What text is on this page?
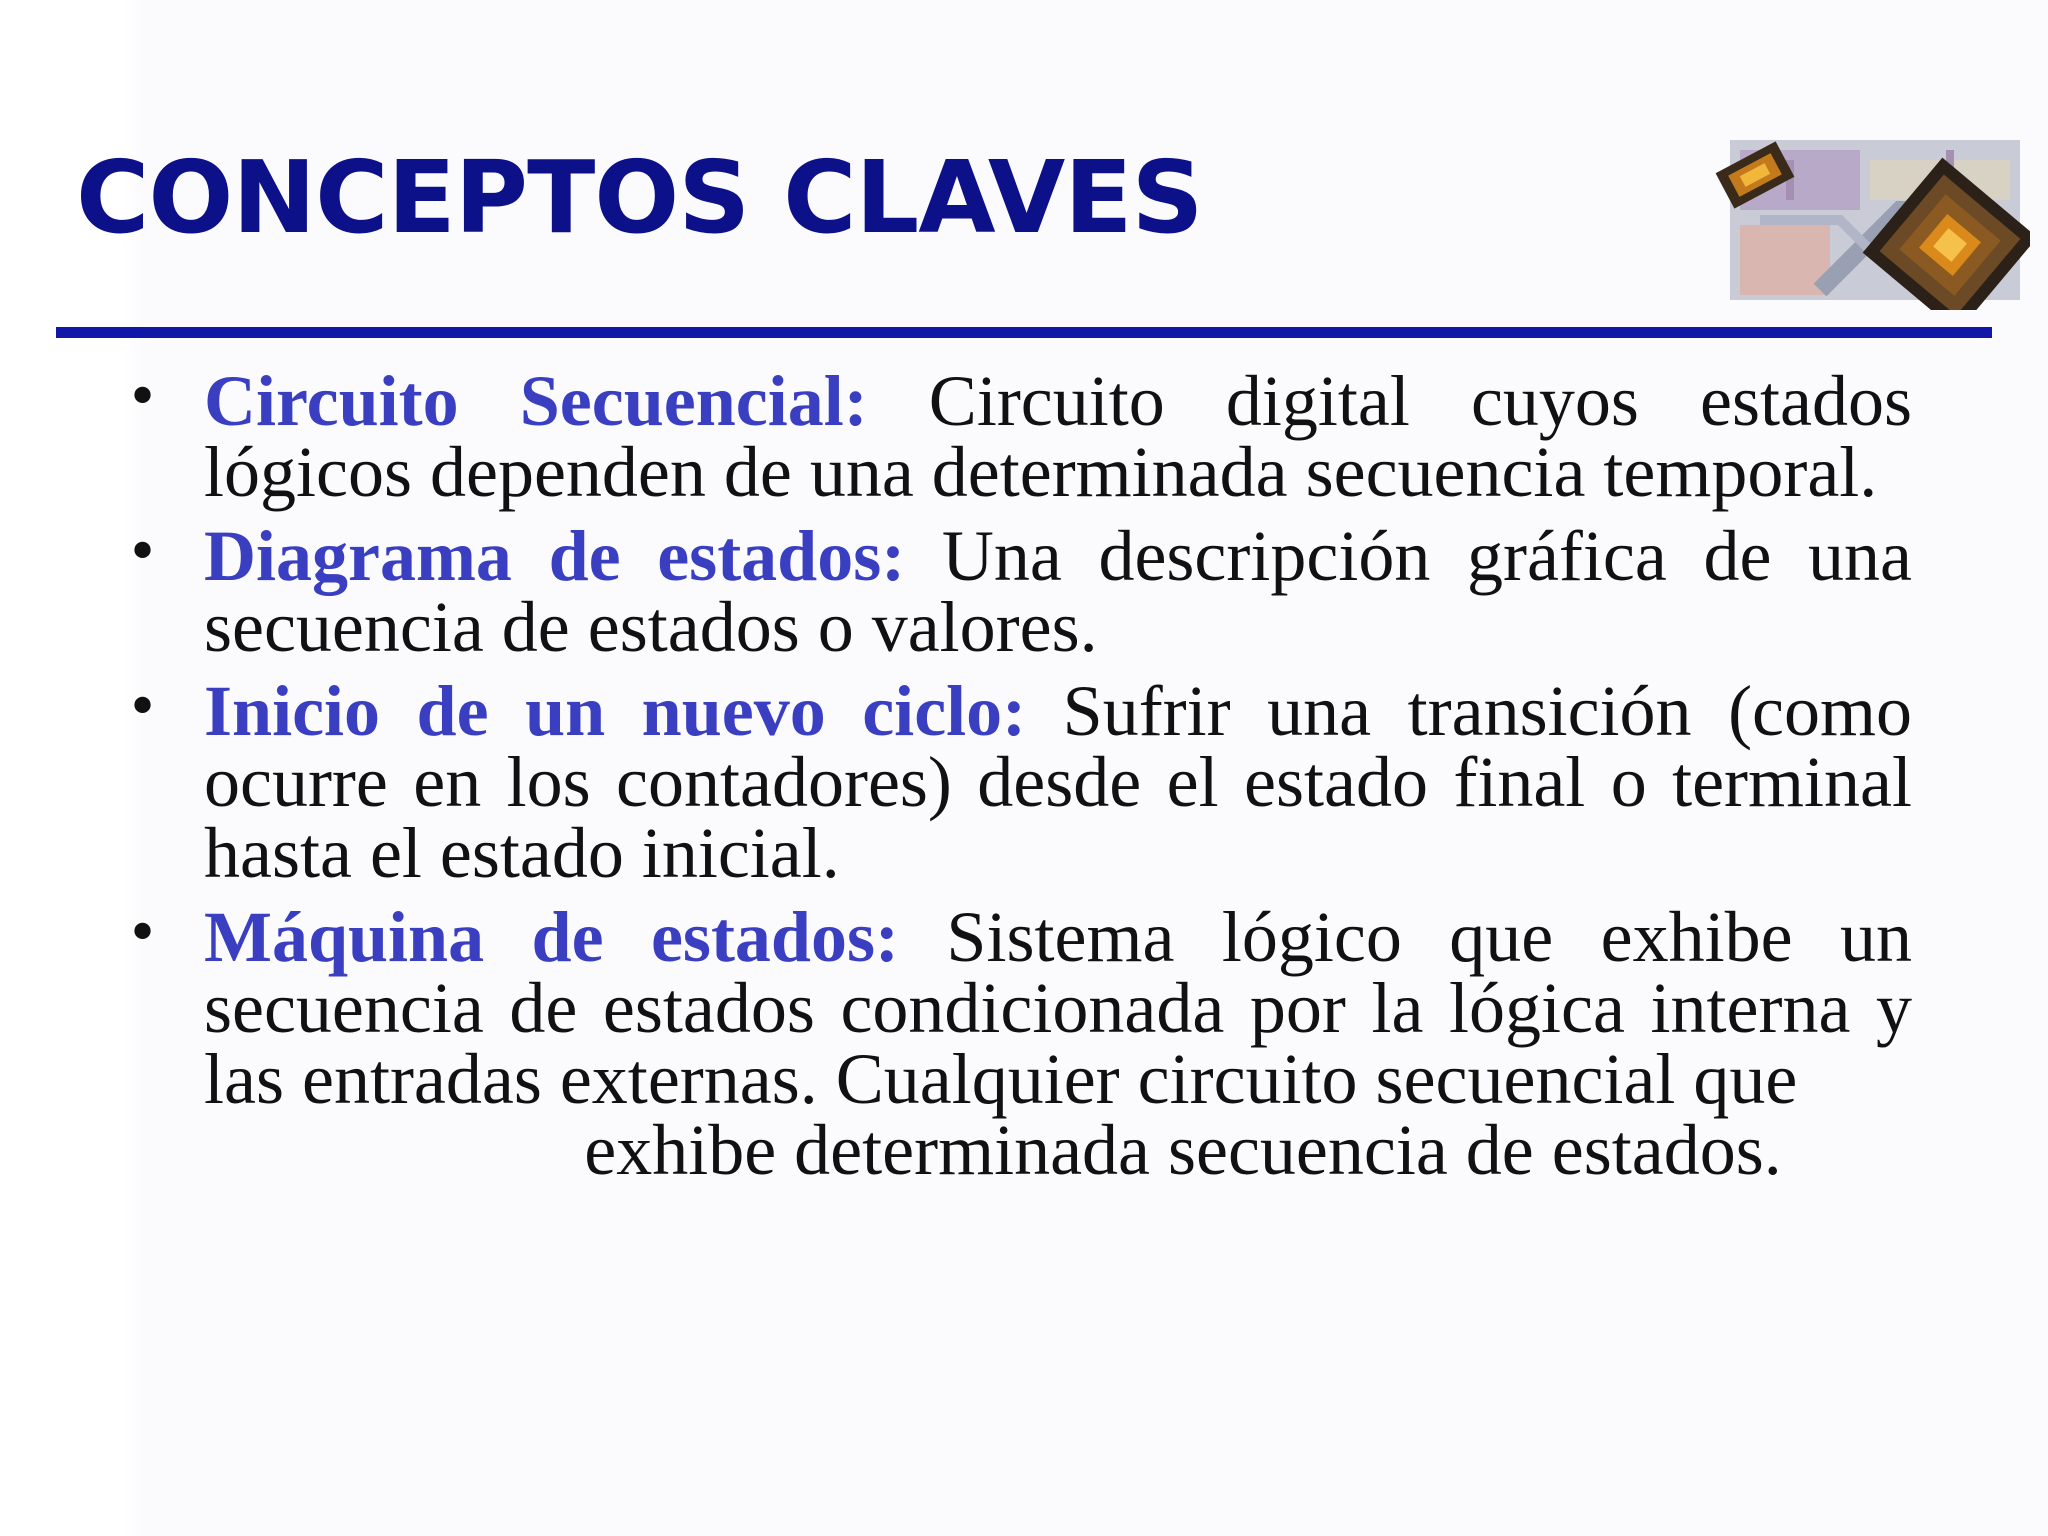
CONCEPTOS CLAVES
• Circuito Secuencial: Circuito digital cuyos estados lógicos dependen de una determinada secuencia temporal.
• Diagrama de estados: Una descripción gráfica de una secuencia de estados o valores.
• Inicio de un nuevo ciclo: Sufrir una transición (como ocurre en los contadores) desde el estado final o terminal hasta el estado inicial.
• Máquina de estados: Sistema lógico que exhibe un secuencia de estados condicionada por la lógica interna y las entradas externas. Cualquier circuito secuencial que
exhibe determinada secuencia de estados.
